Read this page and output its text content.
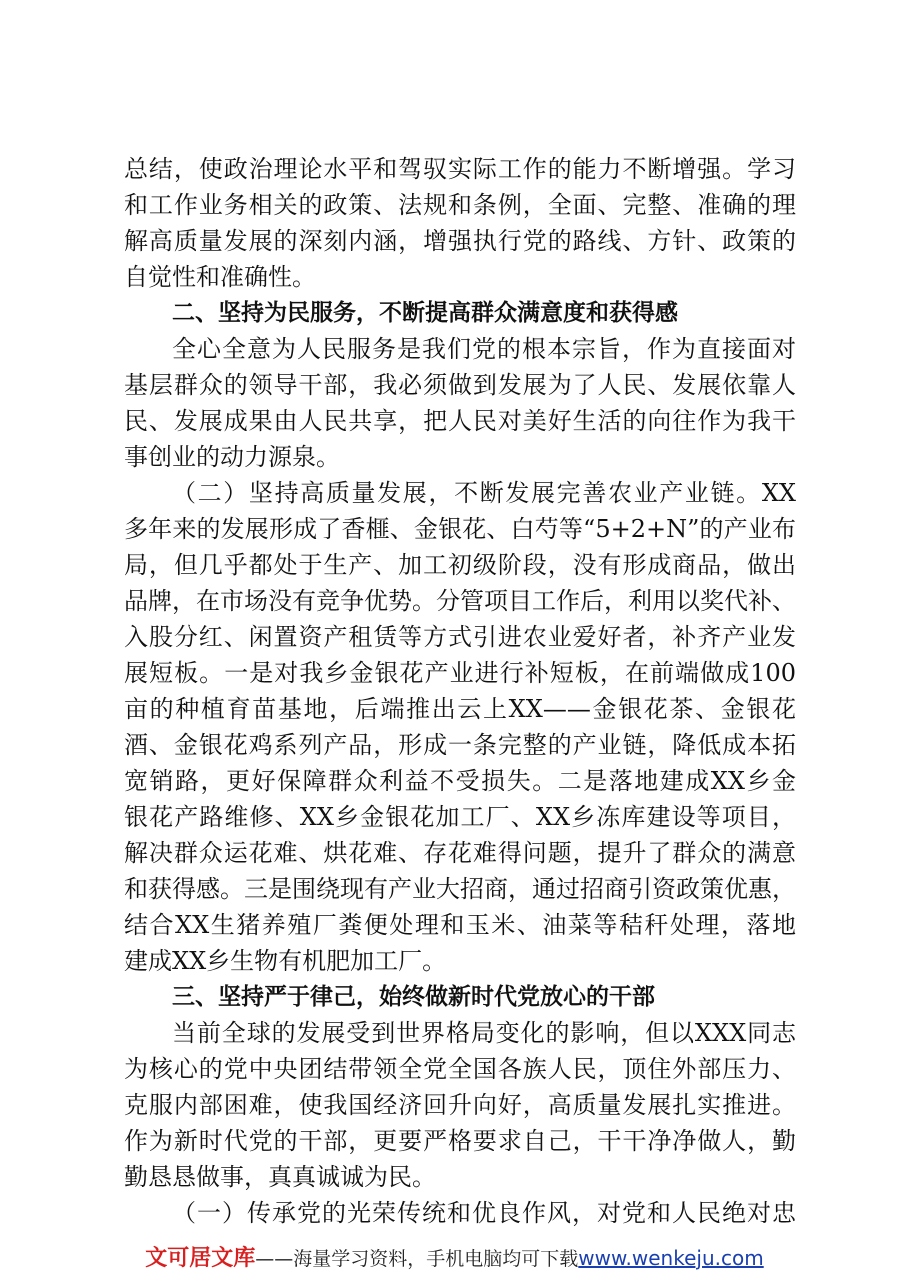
总结，使政治理论水平和驾驭实际工作的能力不断增强。学习
和工作业务相关的政策、法规和条例，全面、完整、准确的理
解高质量发展的深刻内涵，增强执行党的路线、方针、政策的
自觉性和准确性。
二、坚持为民服务，不断提高群众满意度和获得感
全心全意为人民服务是我们党的根本宗旨，作为直接面对
基层群众的领导干部，我必须做到发展为了人民、发展依靠人
民、发展成果由人民共享，把人民对美好生活的向往作为我干
事创业的动力源泉。
（二）坚持高质量发展，不断发展完善农业产业链。XX
多年来的发展形成了香榧、金银花、白芍等“5+2+N”的产业布
局，但几乎都处于生产、加工初级阶段，没有形成商品，做出
品牌，在市场没有竞争优势。分管项目工作后，利用以奖代补、
入股分红、闲置资产租赁等方式引进农业爱好者，补齐产业发
展短板。一是对我乡金银花产业进行补短板，在前端做成100
亩的种植育苗基地，后端推出云上XX——金银花茶、金银花
酒、金银花鸡系列产品，形成一条完整的产业链，降低成本拓
宽销路，更好保障群众利益不受损失。二是落地建成XX乡金
银花产路维修、XX乡金银花加工厂、XX乡冻库建设等项目，
解决群众运花难、烘花难、存花难得问题，提升了群众的满意
和获得感。三是围绕现有产业大招商，通过招商引资政策优惠，
结合XX生猪养殖厂粪便处理和玉米、油菜等秸秆处理，落地
建成XX乡生物有机肥加工厂。
三、坚持严于律己，始终做新时代党放心的干部
当前全球的发展受到世界格局变化的影响，但以XXX同志
为核心的党中央团结带领全党全国各族人民，顶住外部压力、
克服内部困难，使我国经济回升向好，高质量发展扎实推进。
作为新时代党的干部，更要严格要求自己，干干净净做人，勤
勤恳恳做事，真真诚诚为民。
（一）传承党的光荣传统和优良作风，对党和人民绝对忠
文可居文库——海量学习资料，手机电脑均可下载www.wenkeju.com
